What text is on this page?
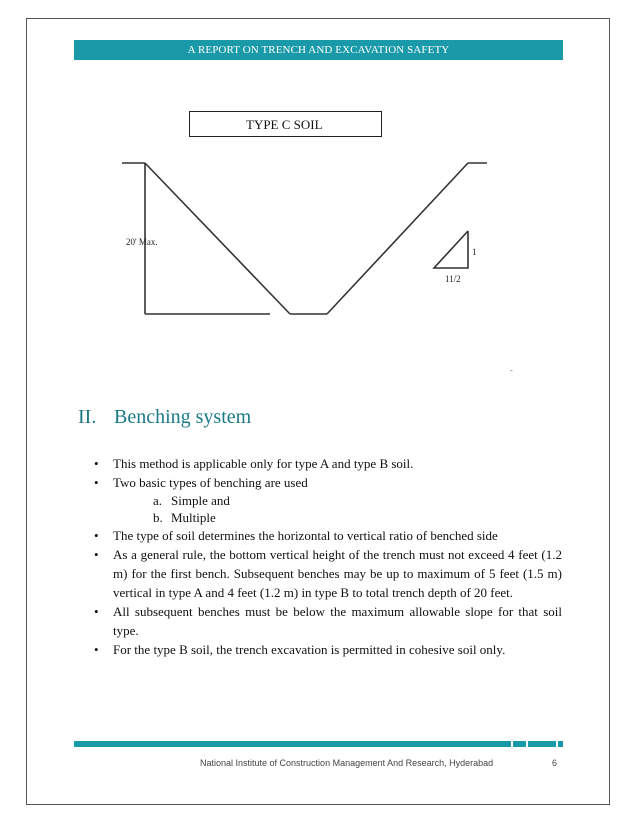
A REPORT ON TRENCH AND EXCAVATION SAFETY
TYPE C SOIL
20' Max.
1
11/2
-
II. Benching system
• This method is applicable only for type A and type B soil.
• Two basic types of benching are used
a. Simple and
b. Multiple
• The type of soil determines the horizontal to vertical ratio of benched side
• As a general rule, the bottom vertical height of the trench must not exceed 4 feet (1.2 m) for the first bench. Subsequent benches may be up to maximum of 5 feet (1.5 m) vertical in type A and 4 feet (1.2 m) in type B to total trench depth of 20 feet.
• All subsequent benches must be below the maximum allowable slope for that soil type.
• For the type B soil, the trench excavation is permitted in cohesive soil only.
National Institute of Construction Management And Research, Hyderabad	6
